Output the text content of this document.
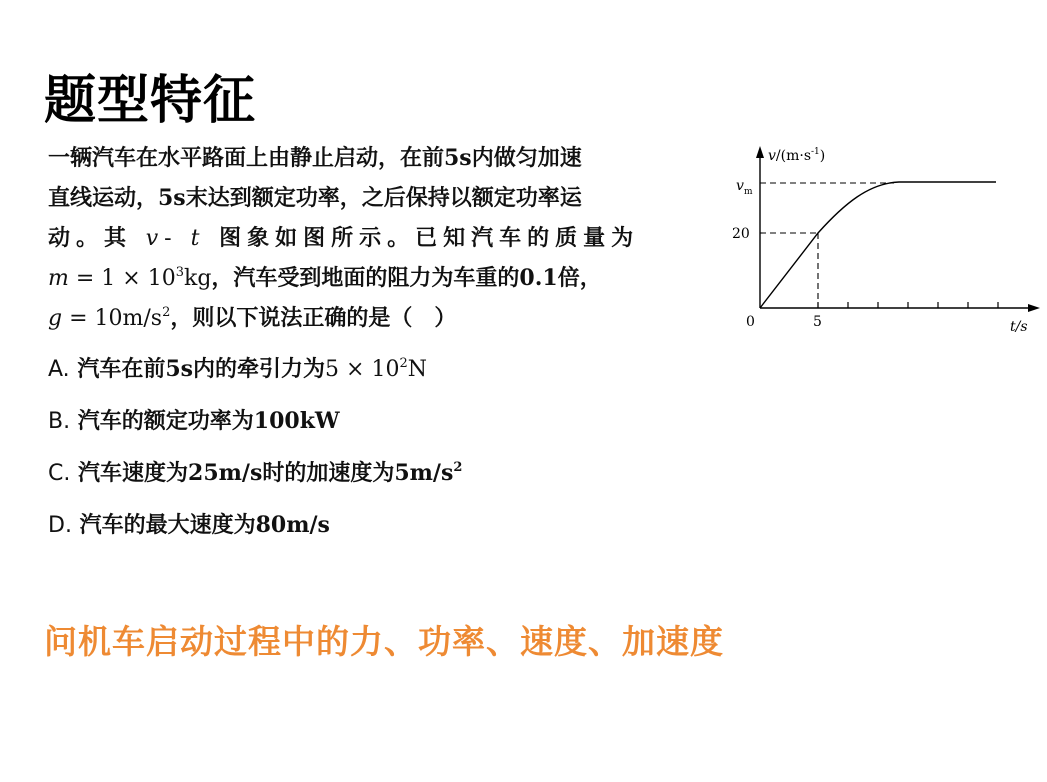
题型特征
一辆汽车在水平路面上由静止启动，在前5s内做匀加速
直线运动，5s末达到额定功率，之后保持以额定功率运
动。其 v- t 图象如图所示。已知汽车的质量为
$m = 1 \times 10^3kg$，汽车受到地面的阻力为车重的0.1倍，
$g = 10m/s^2$，则以下说法正确的是（　）
A. 汽车在前5s内的牵引力为$5 \times 10^2N$
B. 汽车的额定功率为100kW
C. 汽车速度为25m/s时的加速度为$5m/s^2$
D. 汽车的最大速度为80m/s
$v/(m\cdot s^{-1})$
v m
20
0	5	t/s
问机车启动过程中的力、功率、速度、加速度
